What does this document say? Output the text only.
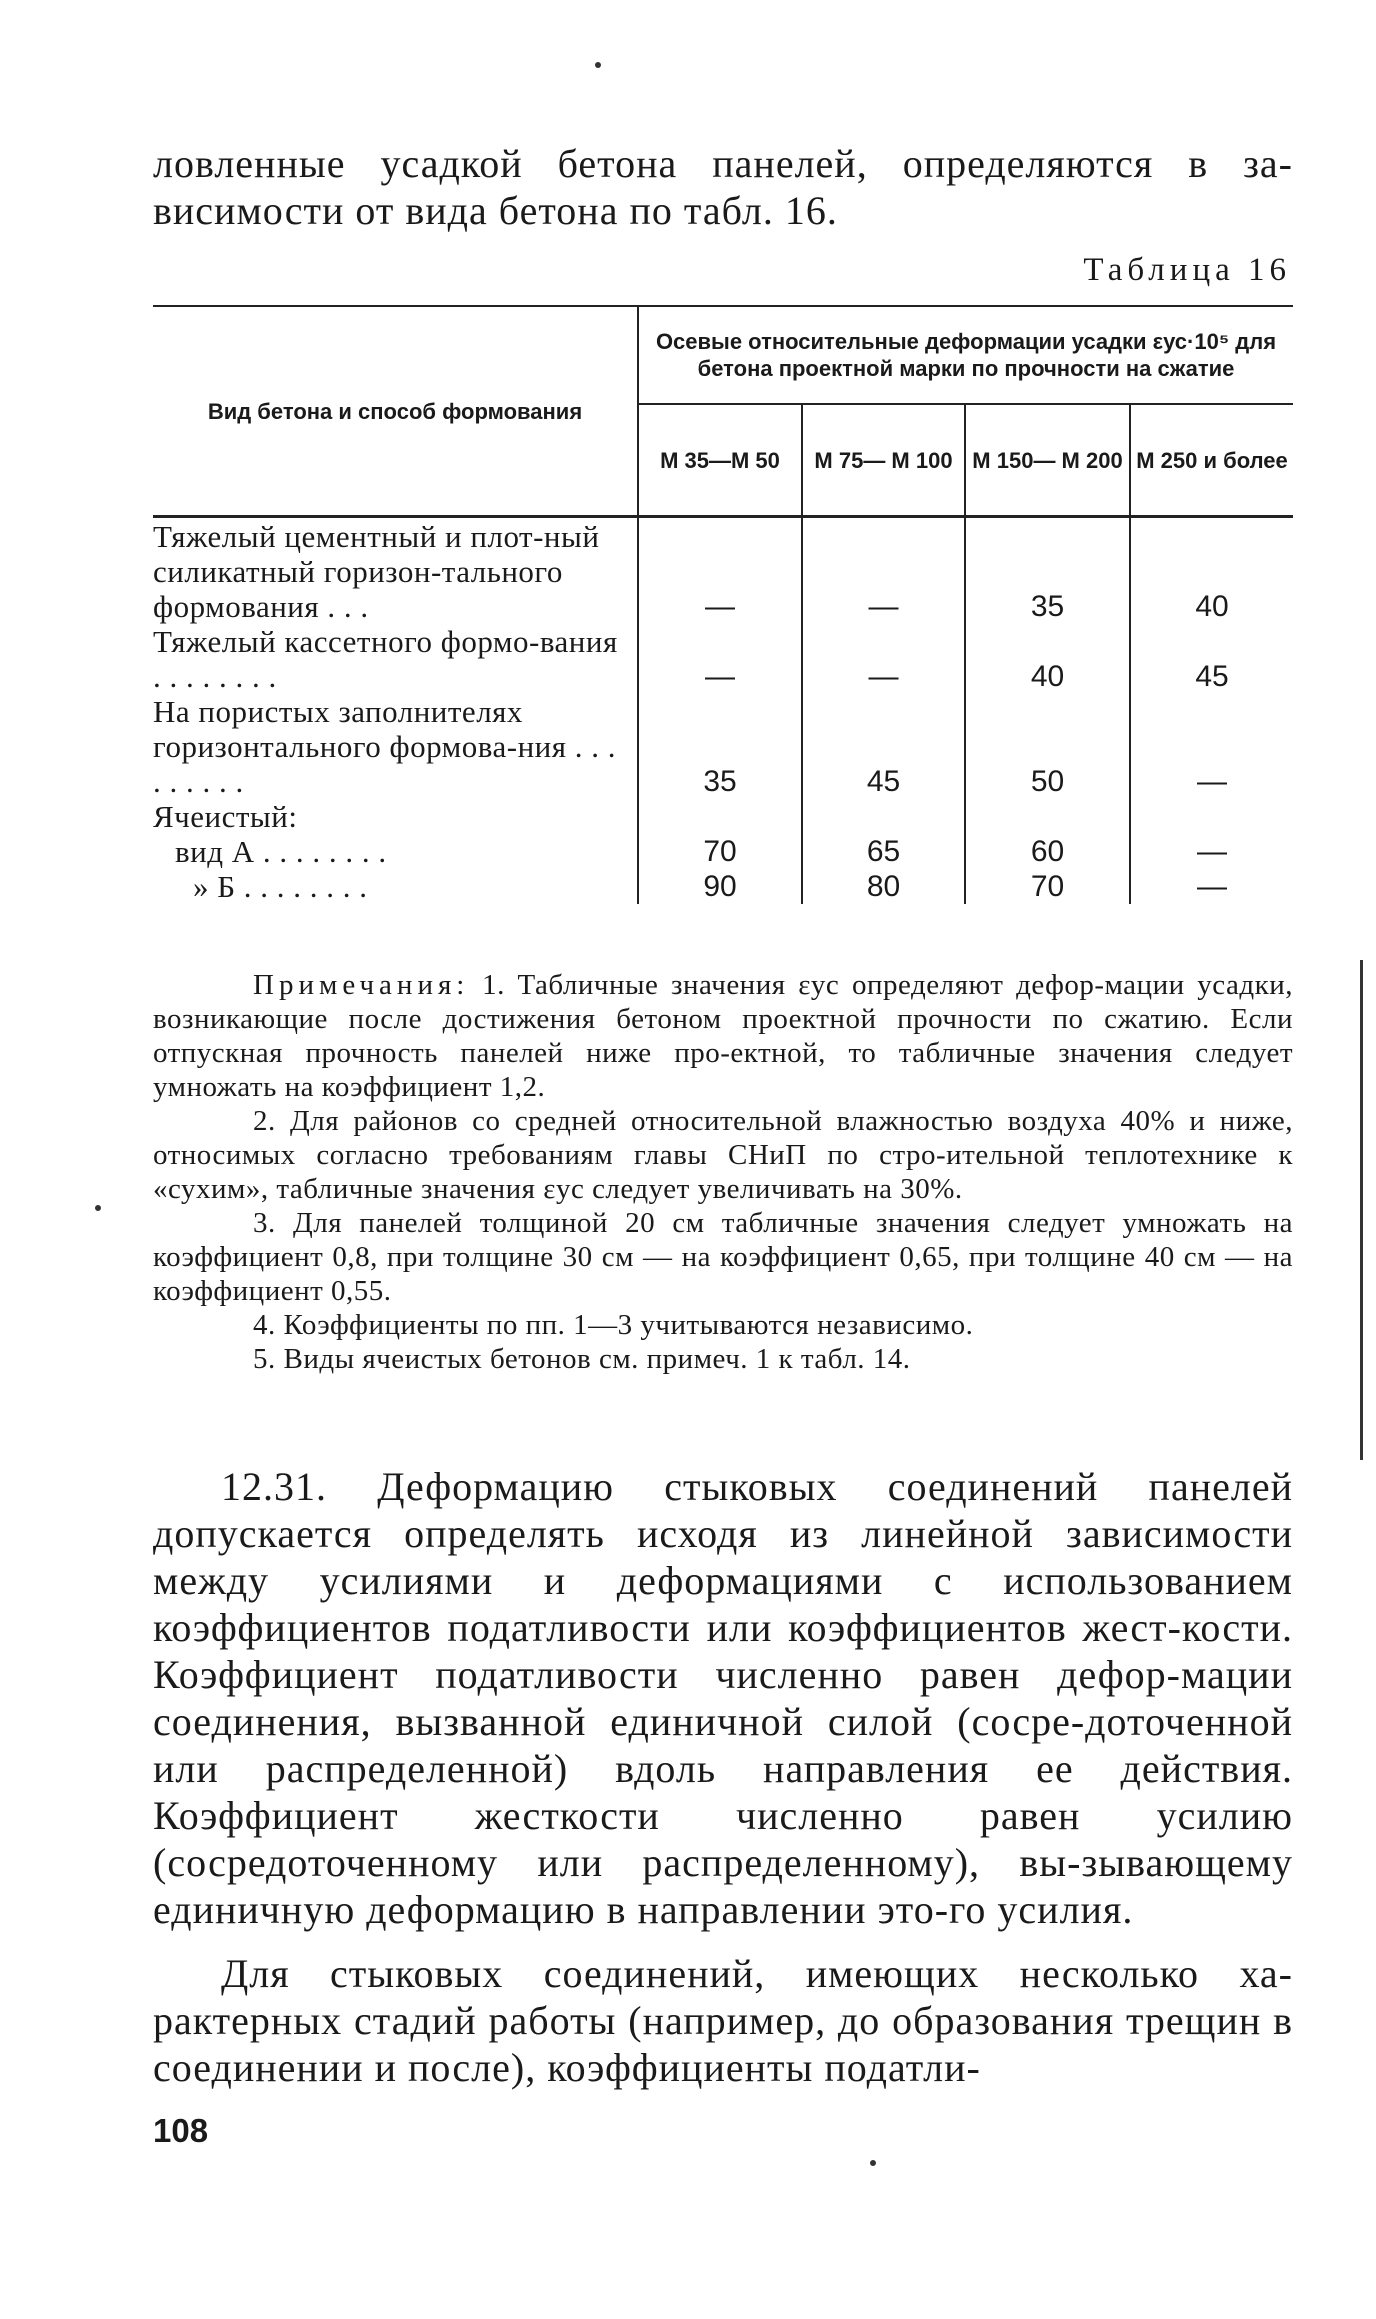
ловленные усадкой бетона панелей, определяются в за-висимости от вида бетона по табл. 16.
Таблица 16
Вид бетона и способ формования	Осевые относительные деформации усадки εус·10⁵ для бетона проектной марки по прочности на сжатие			
	М 35—М 50	М 75— М 100	М 150— М 200	М 250 и более

Тяжелый цементный и плот-ный силикатный горизон-тального формования . . .	—	—	35	40
Тяжелый кассетного формо-вания . . . . . . . .	—	—	40	45
На пористых заполнителях горизонтального формова-ния . . . . . . . . .	35	45	50	—
Ячеистый:				
вид А . . . . . . . .	70	65	60	—
» Б . . . . . . . .	90	80	70	—

Примечания: 1. Табличные значения εус определяют дефор-мации усадки, возникающие после достижения бетоном проектной прочности по сжатию. Если отпускная прочность панелей ниже про-ектной, то табличные значения следует умножать на коэффициент 1,2.

2. Для районов со средней относительной влажностью воздуха 40% и ниже, относимых согласно требованиям главы СНиП по стро-ительной теплотехнике к «сухим», табличные значения εус следует увеличивать на 30%.

3. Для панелей толщиной 20 см табличные значения следует умножать на коэффициент 0,8, при толщине 30 см — на коэффициент 0,65, при толщине 40 см — на коэффициент 0,55.

4. Коэффициенты по пп. 1—3 учитываются независимо.

5. Виды ячеистых бетонов см. примеч. 1 к табл. 14.

12.31. Деформацию стыковых соединений панелей допускается определять исходя из линейной зависимости между усилиями и деформациями с использованием коэффициентов податливости или коэффициентов жест-кости. Коэффициент податливости численно равен дефор-мации соединения, вызванной единичной силой (сосре-доточенной или распределенной) вдоль направления ее действия. Коэффициент жесткости численно равен усилию (сосредоточенному или распределенному), вы-зывающему единичную деформацию в направлении это-го усилия.
Для стыковых соединений, имеющих несколько ха-рактерных стадий работы (например, до образования трещин в соединении и после), коэффициенты податли-
108
